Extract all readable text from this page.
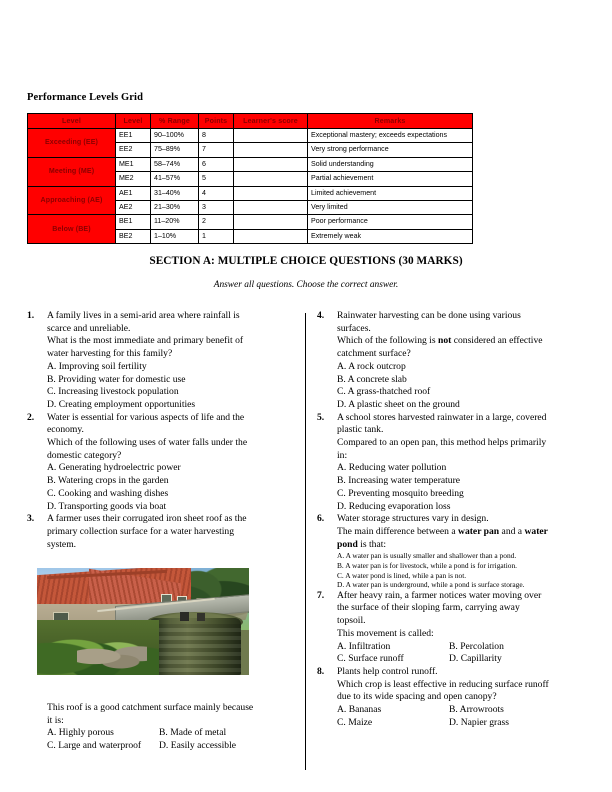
Performance Levels Grid
Level	Level	% Range	Points	Learner's score	Remarks
Exceeding (EE)	EE1	90–100%	8		Exceptional mastery; exceeds expectations
	EE2	75–89%	7		Very strong performance
Meeting (ME)	ME1	58–74%	6		Solid understanding
	ME2	41–57%	5		Partial achievement
Approaching (AE)	AE1	31–40%	4		Limited achievement
	AE2	21–30%	3		Very limited
Below (BE)	BE1	11–20%	2		Poor performance
	BE2	1–10%	1		Extremely weak
SECTION A: MULTIPLE CHOICE QUESTIONS (30 MARKS)
Answer all questions. Choose the correct answer.
1.	A family lives in a semi-arid area where rainfall is
scarce and unreliable.
What is the most immediate and primary benefit of
water harvesting for this family?
A. Improving soil fertility
B. Providing water for domestic use
C. Increasing livestock population
D. Creating employment opportunities
2.	Water is essential for various aspects of life and the
economy.
Which of the following uses of water falls under the
domestic category?
A. Generating hydroelectric power
B. Watering crops in the garden
C. Cooking and washing dishes
D. Transporting goods via boat
3.	A farmer uses their corrugated iron sheet roof as the
primary collection surface for a water harvesting
system.
4.	Rainwater harvesting can be done using various
surfaces.
Which of the following is not considered an effective
catchment surface?
A. A rock outcrop
B. A concrete slab
C. A grass-thatched roof
D. A plastic sheet on the ground
5.	A school stores harvested rainwater in a large, covered
plastic tank.
Compared to an open pan, this method helps primarily
in:
A. Reducing water pollution
B. Increasing water temperature
C. Preventing mosquito breeding
D. Reducing evaporation loss
6.	Water storage structures vary in design.
The main difference between a water pan and a water
pond is that:
A. A water pan is usually smaller and shallower than a pond.
B. A water pan is for livestock, while a pond is for irrigation.
C. A water pond is lined, while a pan is not.
D. A water pan is underground, while a pond is surface storage.
7.	After heavy rain, a farmer notices water moving over
the surface of their sloping farm, carrying away
topsoil.
This movement is called:
A. Infiltration	B. Percolation
C. Surface runoff	D. Capillarity
8.	Plants help control runoff.
Which crop is least effective in reducing surface runoff
due to its wide spacing and open canopy?
A. Bananas	B. Arrowroots
C. Maize	D. Napier grass
This roof is a good catchment surface mainly because
it is:
A. Highly porous	B. Made of metal
C. Large and waterproof D. Easily accessible
